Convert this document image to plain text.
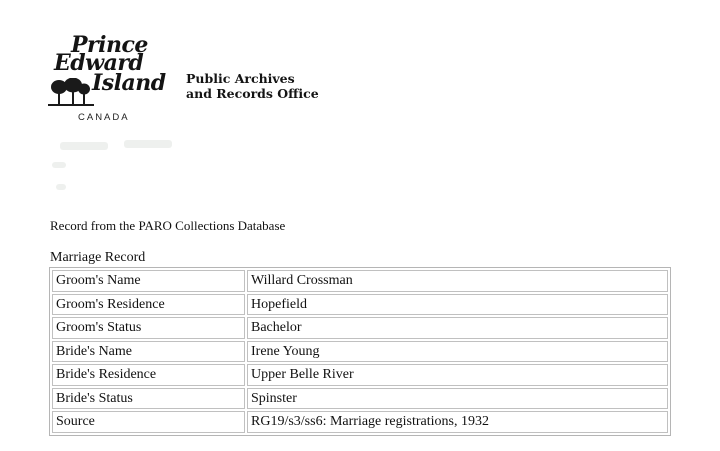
Prince
Edward
Island
CANADA
Public Archives
and Records Office
Record from the PARO Collections Database
Marriage Record
Groom's Name	Willard Crossman
Groom's Residence	Hopefield
Groom's Status	Bachelor
Bride's Name	Irene Young
Bride's Residence	Upper Belle River
Bride's Status	Spinster
Source	RG19/s3/ss6: Marriage registrations, 1932
